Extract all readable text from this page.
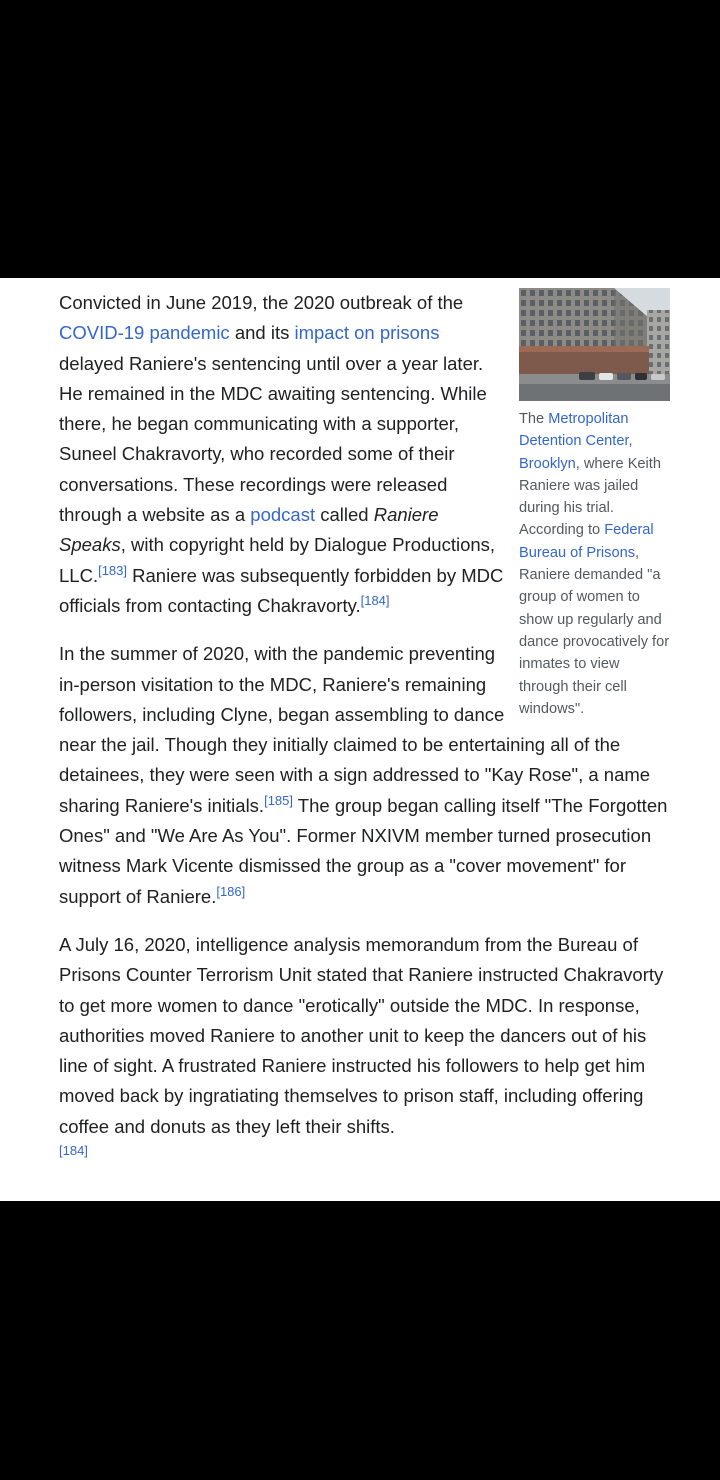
The Metropolitan Detention Center, Brooklyn, where Keith Raniere was jailed during his trial. According to Federal Bureau of Prisons, Raniere demanded "a group of women to show up regularly and dance provocatively for inmates to view through their cell windows".

Convicted in June 2019, the 2020 outbreak of the COVID-19 pandemic and its impact on prisons delayed Raniere's sentencing until over a year later. He remained in the MDC awaiting sentencing. While there, he began communicating with a supporter, Suneel Chakravorty, who recorded some of their conversations. These recordings were released through a website as a podcast called Raniere Speaks, with copyright held by Dialogue Productions, LLC.[183] Raniere was subsequently forbidden by MDC officials from contacting Chakravorty.[184]

In the summer of 2020, with the pandemic preventing in-person visitation to the MDC, Raniere's remaining followers, including Clyne, began assembling to dance near the jail. Though they initially claimed to be entertaining all of the detainees, they were seen with a sign addressed to "Kay Rose", a name sharing Raniere's initials.[185] The group began calling itself "The Forgotten Ones" and "We Are As You". Former NXIVM member turned prosecution witness Mark Vicente dismissed the group as a "cover movement" for support of Raniere.[186]

A July 16, 2020, intelligence analysis memorandum from the Bureau of Prisons Counter Terrorism Unit stated that Raniere instructed Chakravorty to get more women to dance "erotically" outside the MDC. In response, authorities moved Raniere to another unit to keep the dancers out of his line of sight. A frustrated Raniere instructed his followers to help get him moved back by ingratiating themselves to prison staff, including offering coffee and donuts as they left their shifts.
[184]
